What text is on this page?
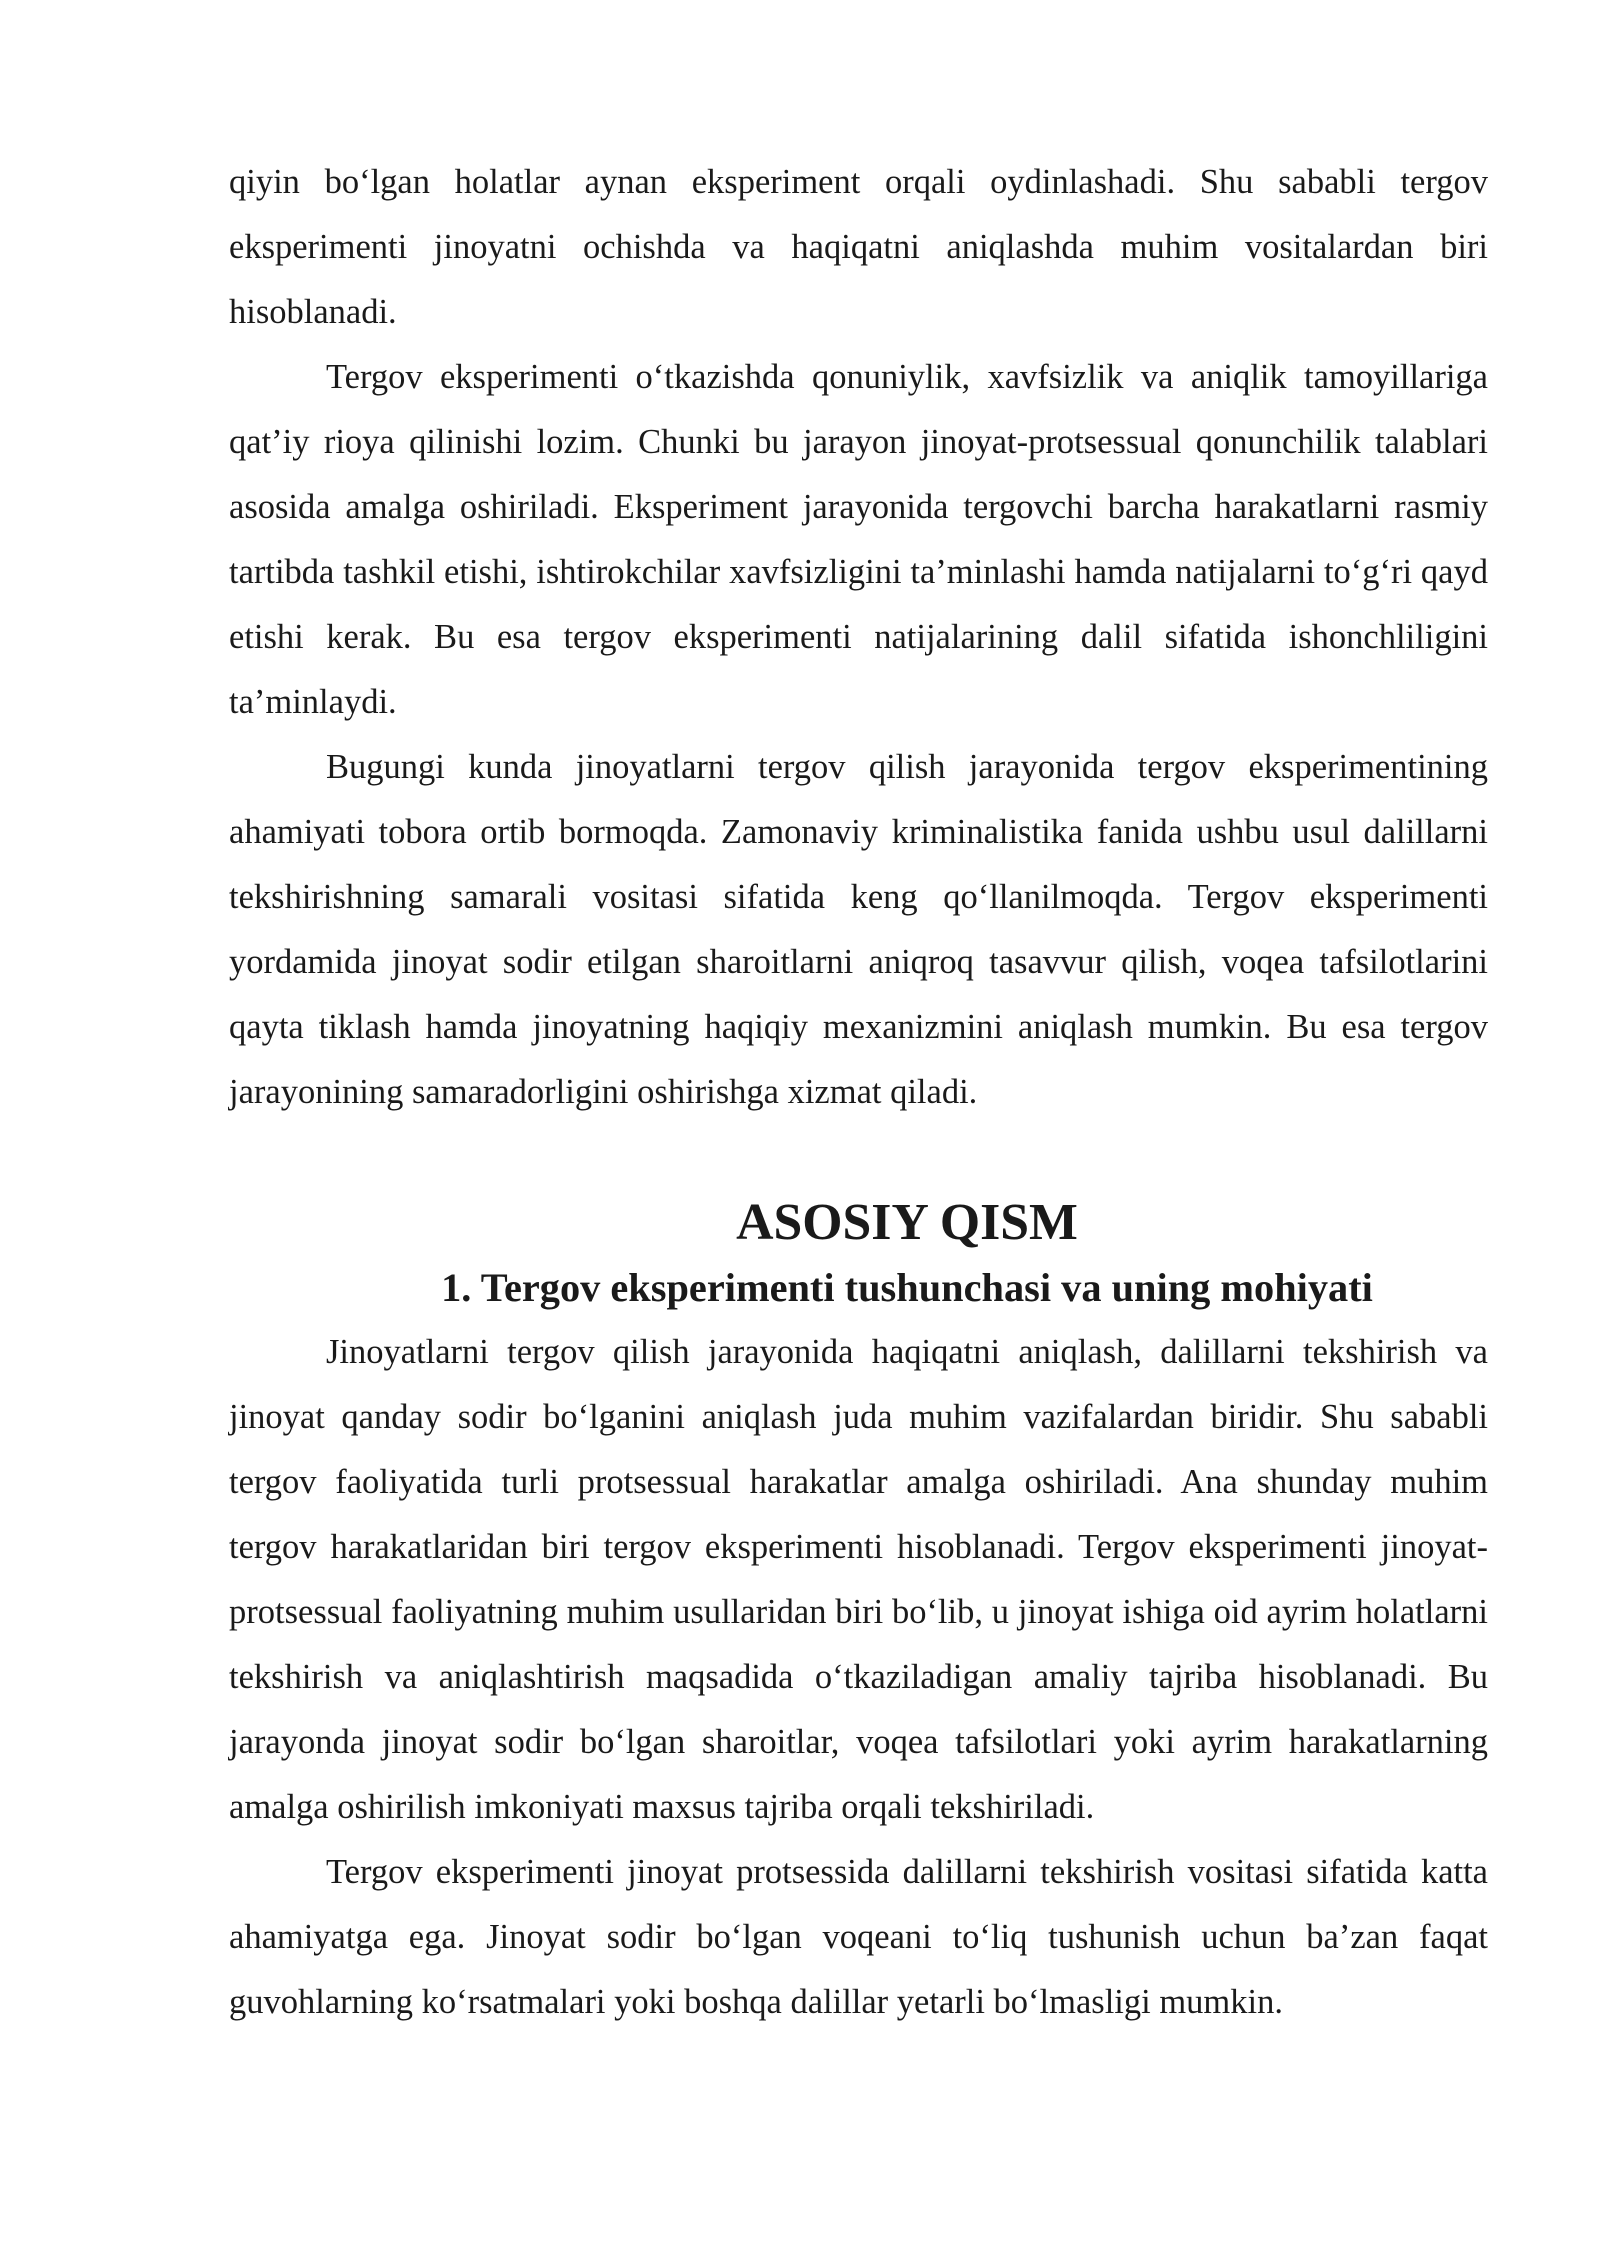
qiyin bo‘lgan holatlar aynan eksperiment orqali oydinlashadi. Shu sababli tergov eksperimenti jinoyatni ochishda va haqiqatni aniqlashda muhim vositalardan biri hisoblanadi.

Tergov eksperimenti o‘tkazishda qonuniylik, xavfsizlik va aniqlik tamoyillariga qat’iy rioya qilinishi lozim. Chunki bu jarayon jinoyat-protsessual qonunchilik talablari asosida amalga oshiriladi. Eksperiment jarayonida tergovchi barcha harakatlarni rasmiy tartibda tashkil etishi, ishtirokchilar xavfsizligini ta’minlashi hamda natijalarni to‘g‘ri qayd etishi kerak. Bu esa tergov eksperimenti natijalarining dalil sifatida ishonchliligini ta’minlaydi.

Bugungi kunda jinoyatlarni tergov qilish jarayonida tergov eksperimentining ahamiyati tobora ortib bormoqda. Zamonaviy kriminalistika fanida ushbu usul dalillarni tekshirishning samarali vositasi sifatida keng qo‘llanilmoqda. Tergov eksperimenti yordamida jinoyat sodir etilgan sharoitlarni aniqroq tasavvur qilish, voqea tafsilotlarini qayta tiklash hamda jinoyatning haqiqiy mexanizmini aniqlash mumkin. Bu esa tergov jarayonining samaradorligini oshirishga xizmat qiladi.

ASOSIY QISM
1. Tergov eksperimenti tushunchasi va uning mohiyati

Jinoyatlarni tergov qilish jarayonida haqiqatni aniqlash, dalillarni tekshirish va jinoyat qanday sodir bo‘lganini aniqlash juda muhim vazifalardan biridir. Shu sababli tergov faoliyatida turli protsessual harakatlar amalga oshiriladi. Ana shunday muhim tergov harakatlaridan biri tergov eksperimenti hisoblanadi. Tergov eksperimenti jinoyat-protsessual faoliyatning muhim usullaridan biri bo‘lib, u jinoyat ishiga oid ayrim holatlarni tekshirish va aniqlashtirish maqsadida o‘tkaziladigan amaliy tajriba hisoblanadi. Bu jarayonda jinoyat sodir bo‘lgan sharoitlar, voqea tafsilotlari yoki ayrim harakatlarning amalga oshirilish imkoniyati maxsus tajriba orqali tekshiriladi.

Tergov eksperimenti jinoyat protsessida dalillarni tekshirish vositasi sifatida katta ahamiyatga ega. Jinoyat sodir bo‘lgan voqeani to‘liq tushunish uchun ba’zan faqat guvohlarning ko‘rsatmalari yoki boshqa dalillar yetarli bo‘lmasligi mumkin.
